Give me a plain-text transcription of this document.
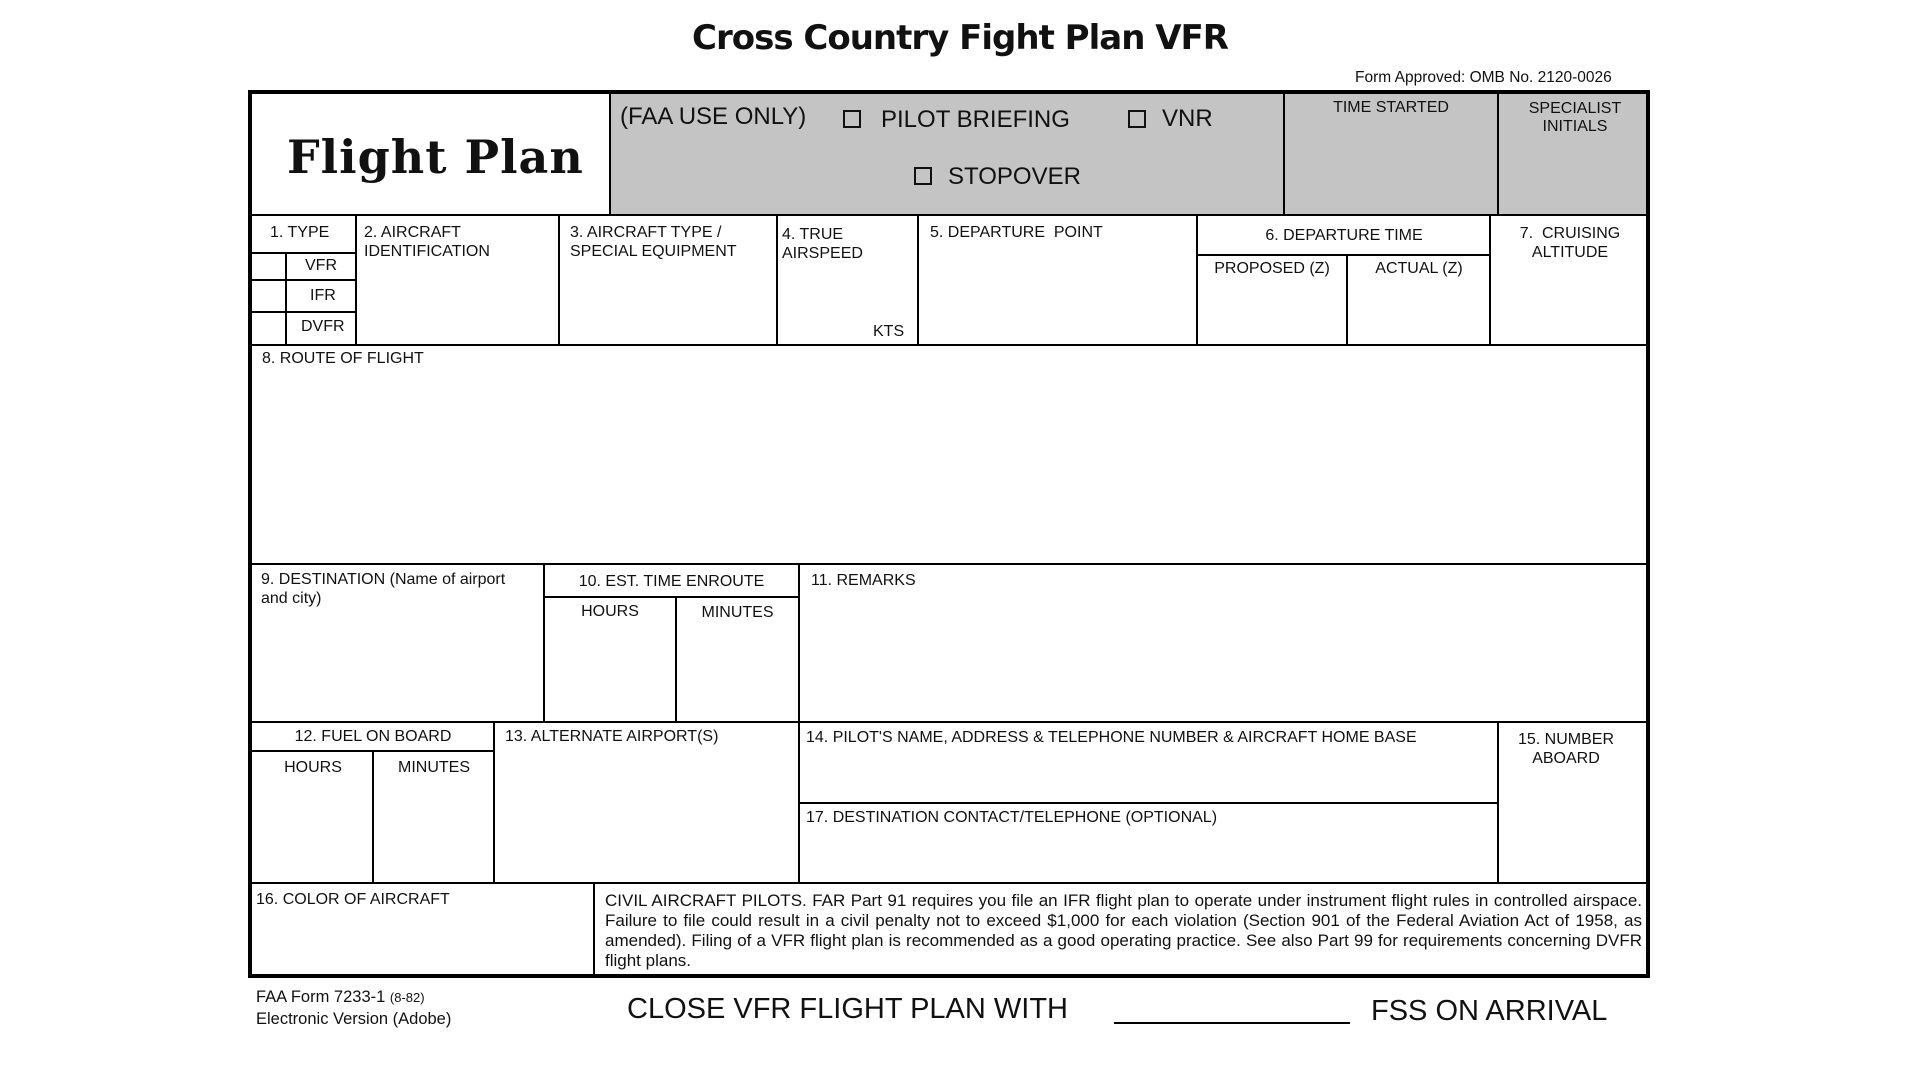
Cross Country Fight Plan VFR
Form Approved: OMB No. 2120-0026
Flight Plan
(FAA USE ONLY)	PILOT BRIEFING	VNR
STOPOVER
TIME STARTED	SPECIALIST INITIALS
1. TYPE
VFR
IFR
DVFR
2. AIRCRAFT IDENTIFICATION
3. AIRCRAFT TYPE / SPECIAL EQUIPMENT
4. TRUE AIRSPEED
KTS
5. DEPARTURE  POINT	6. DEPARTURE TIME
PROPOSED (Z)	ACTUAL (Z)
7.  CRUISING ALTITUDE
8. ROUTE OF FLIGHT
9. DESTINATION (Name of airport and city)
10. EST. TIME ENROUTE
HOURS	MINUTES
11. REMARKS
12. FUEL ON BOARD
HOURS	MINUTES
13. ALTERNATE AIRPORT(S)	14. PILOT'S NAME, ADDRESS & TELEPHONE NUMBER & AIRCRAFT HOME BASE
17. DESTINATION CONTACT/TELEPHONE (OPTIONAL)
15. NUMBER ABOARD
16. COLOR OF AIRCRAFT	CIVIL AIRCRAFT PILOTS. FAR Part 91 requires you file an IFR flight plan to operate under instrument flight rules in controlled airspace. Failure to file could result in a civil penalty not to exceed $1,000 for each violation (Section 901 of the Federal Aviation Act of 1958, as amended). Filing of a VFR flight plan is recommended as a good operating practice. See also Part 99 for requirements concerning DVFR flight plans.
FAA Form 7233-1 (8-82)
Electronic Version (Adobe)	CLOSE VFR FLIGHT PLAN WITH	FSS ON ARRIVAL
